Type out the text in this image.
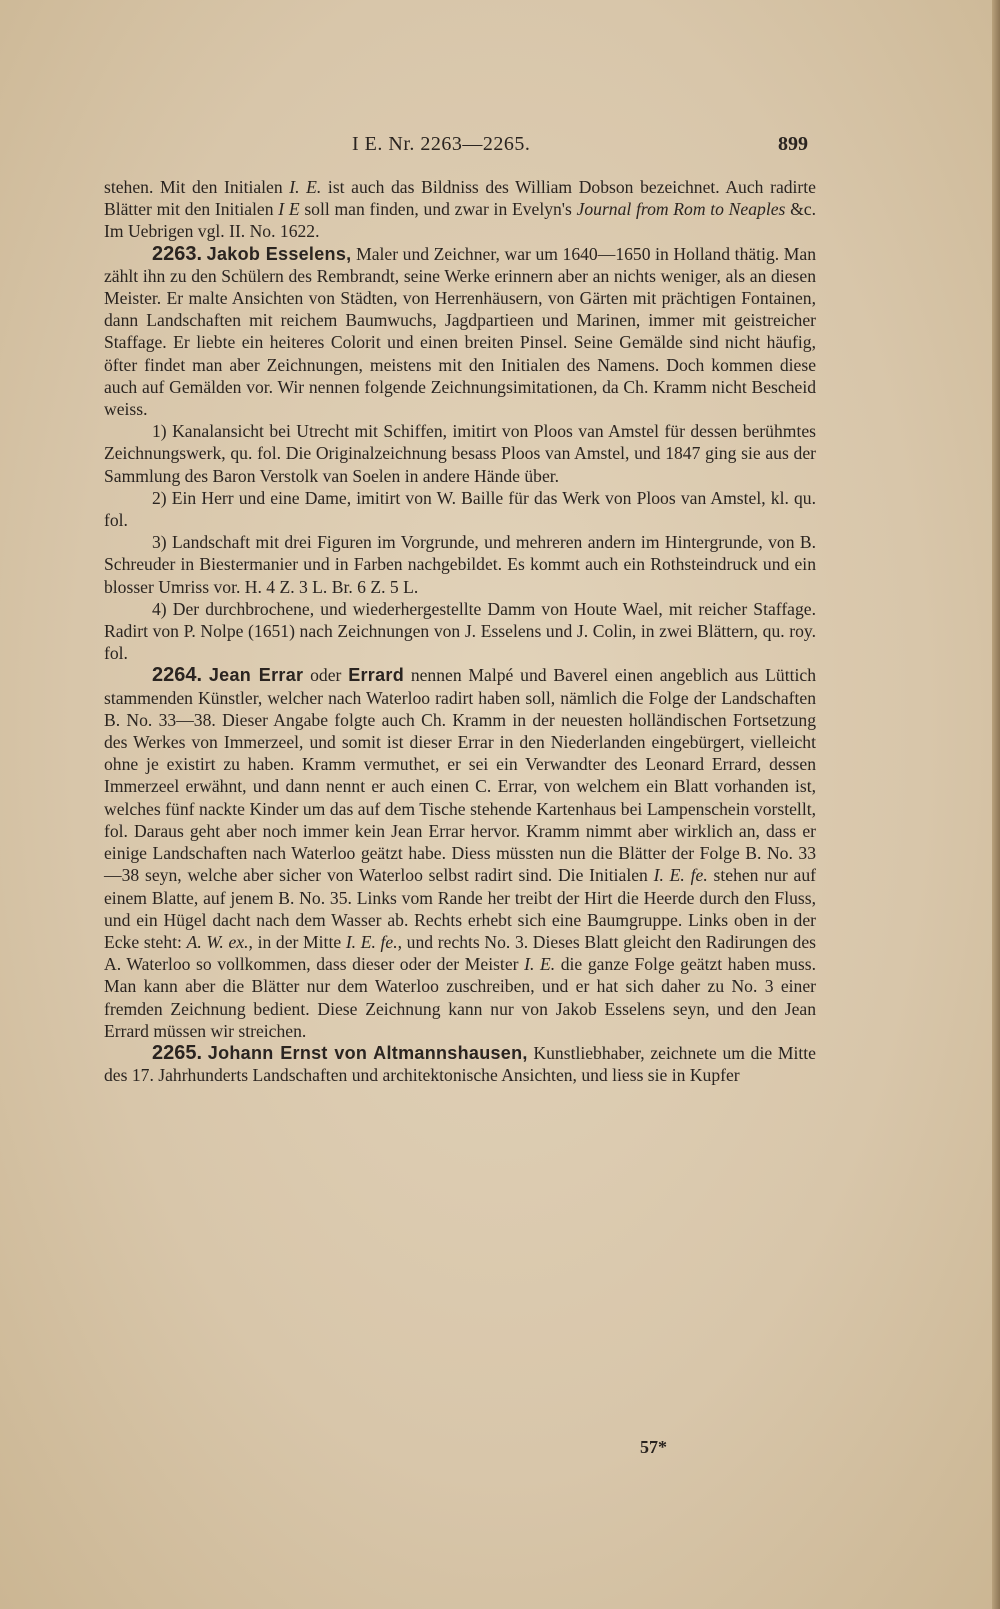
I E. Nr. 2263—2265.	899

stehen. Mit den Initialen I. E. ist auch das Bildniss des William Dobson bezeichnet. Auch radirte Blätter mit den Initialen I E soll man finden, und zwar in Evelyn's Journal from Rom to Neaples &c. Im Uebrigen vgl. II. No. 1622.

2263. Jakob Esselens, Maler und Zeichner, war um 1640—1650 in Holland thätig. Man zählt ihn zu den Schülern des Rembrandt, seine Werke erinnern aber an nichts weniger, als an diesen Meister. Er malte Ansichten von Städten, von Herrenhäusern, von Gärten mit prächtigen Fontainen, dann Landschaften mit reichem Baumwuchs, Jagdpartieen und Marinen, immer mit geistreicher Staffage. Er liebte ein heiteres Colorit und einen breiten Pinsel. Seine Gemälde sind nicht häufig, öfter findet man aber Zeichnungen, meistens mit den Initialen des Namens. Doch kommen diese auch auf Gemälden vor. Wir nennen folgende Zeichnungsimitationen, da Ch. Kramm nicht Bescheid weiss.

1) Kanalansicht bei Utrecht mit Schiffen, imitirt von Ploos van Amstel für dessen berühmtes Zeichnungswerk, qu. fol. Die Originalzeichnung besass Ploos van Amstel, und 1847 ging sie aus der Sammlung des Baron Verstolk van Soelen in andere Hände über.

2) Ein Herr und eine Dame, imitirt von W. Baille für das Werk von Ploos van Amstel, kl. qu. fol.

3) Landschaft mit drei Figuren im Vorgrunde, und mehreren andern im Hintergrunde, von B. Schreuder in Biestermanier und in Farben nachgebildet. Es kommt auch ein Rothsteindruck und ein blosser Umriss vor. H. 4 Z. 3 L. Br. 6 Z. 5 L.

4) Der durchbrochene, und wiederhergestellte Damm von Houte Wael, mit reicher Staffage. Radirt von P. Nolpe (1651) nach Zeichnungen von J. Esselens und J. Colin, in zwei Blättern, qu. roy. fol.

2264. Jean Errar oder Errard nennen Malpé und Baverel einen angeblich aus Lüttich stammenden Künstler, welcher nach Waterloo radirt haben soll, nämlich die Folge der Landschaften B. No. 33—38. Dieser Angabe folgte auch Ch. Kramm in der neuesten holländischen Fortsetzung des Werkes von Immerzeel, und somit ist dieser Errar in den Niederlanden eingebürgert, vielleicht ohne je existirt zu haben. Kramm vermuthet, er sei ein Verwandter des Leonard Errard, dessen Immerzeel erwähnt, und dann nennt er auch einen C. Errar, von welchem ein Blatt vorhanden ist, welches fünf nackte Kinder um das auf dem Tische stehende Kartenhaus bei Lampenschein vorstellt, fol. Daraus geht aber noch immer kein Jean Errar hervor. Kramm nimmt aber wirklich an, dass er einige Landschaften nach Waterloo geätzt habe. Diess müssten nun die Blätter der Folge B. No. 33—38 seyn, welche aber sicher von Waterloo selbst radirt sind. Die Initialen I. E. fe. stehen nur auf einem Blatte, auf jenem B. No. 35. Links vom Rande her treibt der Hirt die Heerde durch den Fluss, und ein Hügel dacht nach dem Wasser ab. Rechts erhebt sich eine Baumgruppe. Links oben in der Ecke steht: A. W. ex., in der Mitte I. E. fe., und rechts No. 3. Dieses Blatt gleicht den Radirungen des A. Waterloo so vollkommen, dass dieser oder der Meister I. E. die ganze Folge geätzt haben muss. Man kann aber die Blätter nur dem Waterloo zuschreiben, und er hat sich daher zu No. 3 einer fremden Zeichnung bedient. Diese Zeichnung kann nur von Jakob Esselens seyn, und den Jean Errard müssen wir streichen.

2265. Johann Ernst von Altmannshausen, Kunstliebhaber, zeichnete um die Mitte des 17. Jahrhunderts Landschaften und architektonische Ansichten, und liess sie in Kupfer

57*
